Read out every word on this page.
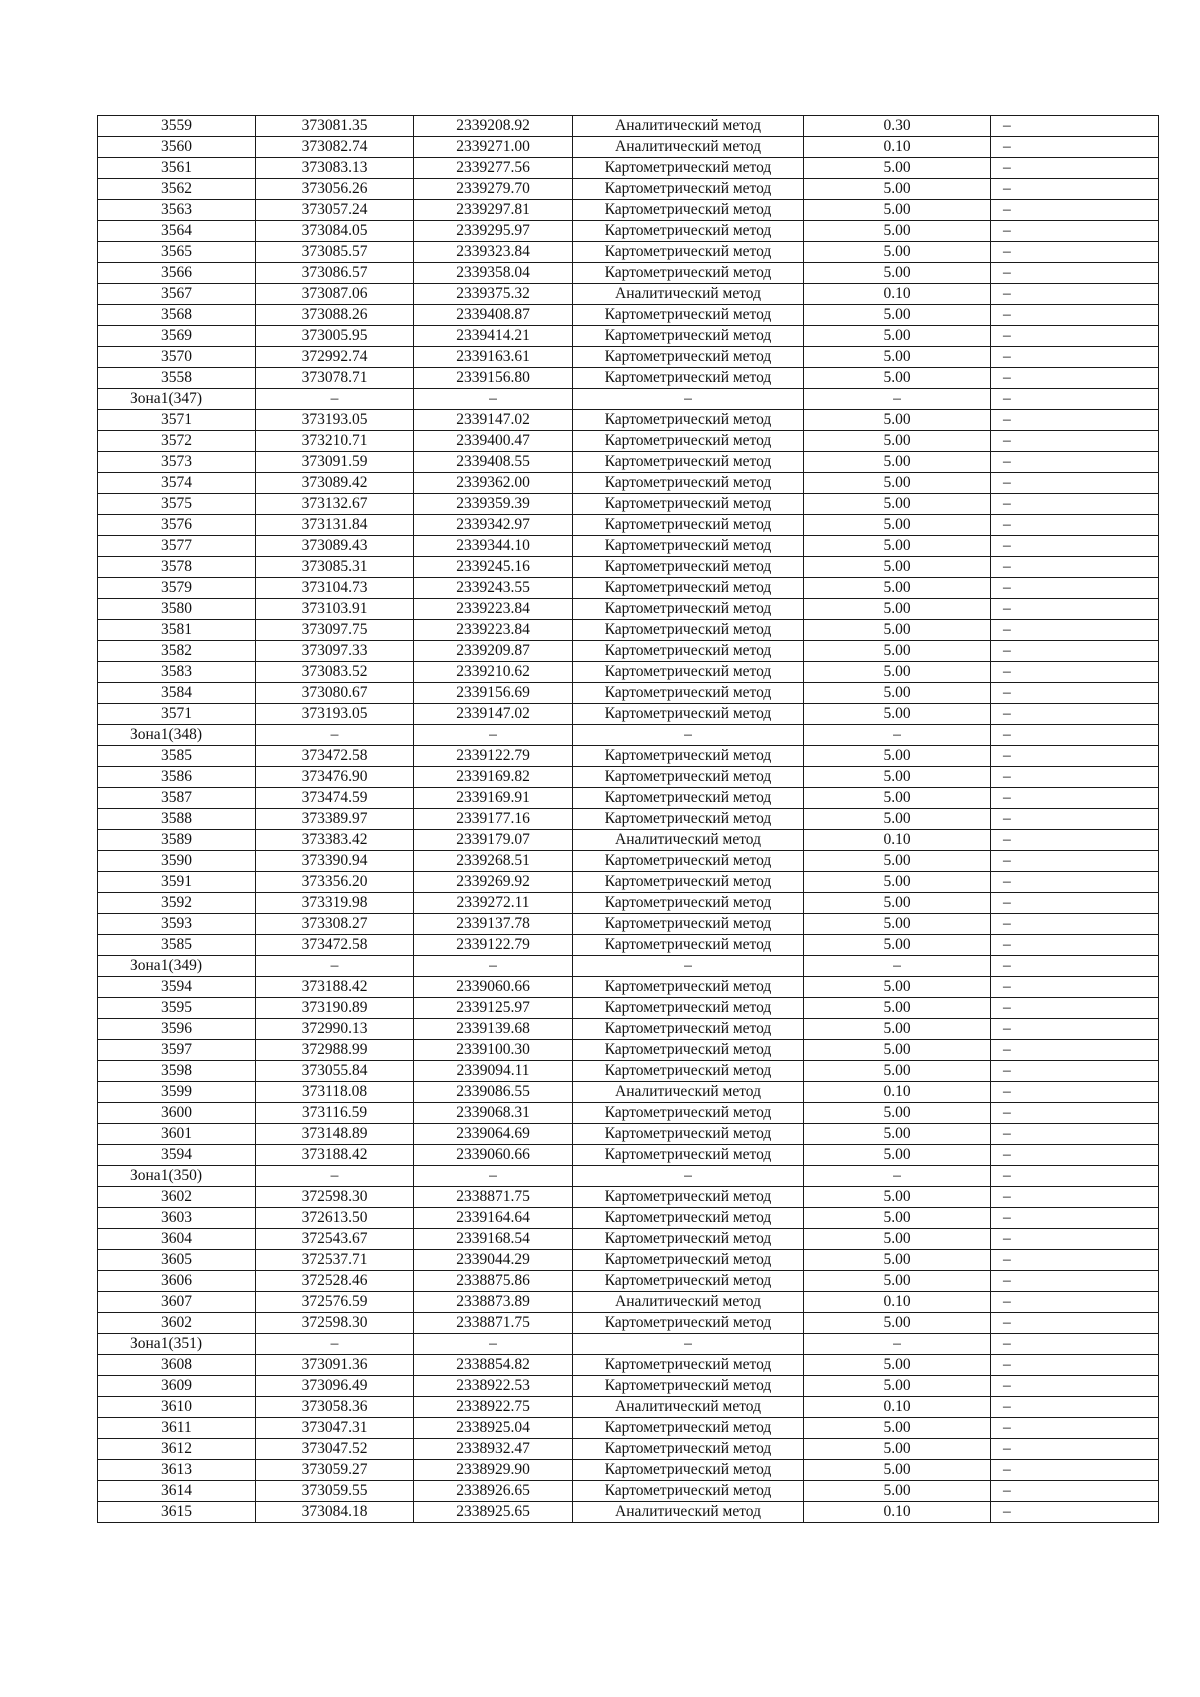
3559	373081.35	2339208.92	Аналитический метод	0.30	–
3560	373082.74	2339271.00	Аналитический метод	0.10	–
3561	373083.13	2339277.56	Картометрический метод	5.00	–
3562	373056.26	2339279.70	Картометрический метод	5.00	–
3563	373057.24	2339297.81	Картометрический метод	5.00	–
3564	373084.05	2339295.97	Картометрический метод	5.00	–
3565	373085.57	2339323.84	Картометрический метод	5.00	–
3566	373086.57	2339358.04	Картометрический метод	5.00	–
3567	373087.06	2339375.32	Аналитический метод	0.10	–
3568	373088.26	2339408.87	Картометрический метод	5.00	–
3569	373005.95	2339414.21	Картометрический метод	5.00	–
3570	372992.74	2339163.61	Картометрический метод	5.00	–
3558	373078.71	2339156.80	Картометрический метод	5.00	–
Зона1(347)	–	–	–	–	–
3571	373193.05	2339147.02	Картометрический метод	5.00	–
3572	373210.71	2339400.47	Картометрический метод	5.00	–
3573	373091.59	2339408.55	Картометрический метод	5.00	–
3574	373089.42	2339362.00	Картометрический метод	5.00	–
3575	373132.67	2339359.39	Картометрический метод	5.00	–
3576	373131.84	2339342.97	Картометрический метод	5.00	–
3577	373089.43	2339344.10	Картометрический метод	5.00	–
3578	373085.31	2339245.16	Картометрический метод	5.00	–
3579	373104.73	2339243.55	Картометрический метод	5.00	–
3580	373103.91	2339223.84	Картометрический метод	5.00	–
3581	373097.75	2339223.84	Картометрический метод	5.00	–
3582	373097.33	2339209.87	Картометрический метод	5.00	–
3583	373083.52	2339210.62	Картометрический метод	5.00	–
3584	373080.67	2339156.69	Картометрический метод	5.00	–
3571	373193.05	2339147.02	Картометрический метод	5.00	–
Зона1(348)	–	–	–	–	–
3585	373472.58	2339122.79	Картометрический метод	5.00	–
3586	373476.90	2339169.82	Картометрический метод	5.00	–
3587	373474.59	2339169.91	Картометрический метод	5.00	–
3588	373389.97	2339177.16	Картометрический метод	5.00	–
3589	373383.42	2339179.07	Аналитический метод	0.10	–
3590	373390.94	2339268.51	Картометрический метод	5.00	–
3591	373356.20	2339269.92	Картометрический метод	5.00	–
3592	373319.98	2339272.11	Картометрический метод	5.00	–
3593	373308.27	2339137.78	Картометрический метод	5.00	–
3585	373472.58	2339122.79	Картометрический метод	5.00	–
Зона1(349)	–	–	–	–	–
3594	373188.42	2339060.66	Картометрический метод	5.00	–
3595	373190.89	2339125.97	Картометрический метод	5.00	–
3596	372990.13	2339139.68	Картометрический метод	5.00	–
3597	372988.99	2339100.30	Картометрический метод	5.00	–
3598	373055.84	2339094.11	Картометрический метод	5.00	–
3599	373118.08	2339086.55	Аналитический метод	0.10	–
3600	373116.59	2339068.31	Картометрический метод	5.00	–
3601	373148.89	2339064.69	Картометрический метод	5.00	–
3594	373188.42	2339060.66	Картометрический метод	5.00	–
Зона1(350)	–	–	–	–	–
3602	372598.30	2338871.75	Картометрический метод	5.00	–
3603	372613.50	2339164.64	Картометрический метод	5.00	–
3604	372543.67	2339168.54	Картометрический метод	5.00	–
3605	372537.71	2339044.29	Картометрический метод	5.00	–
3606	372528.46	2338875.86	Картометрический метод	5.00	–
3607	372576.59	2338873.89	Аналитический метод	0.10	–
3602	372598.30	2338871.75	Картометрический метод	5.00	–
Зона1(351)	–	–	–	–	–
3608	373091.36	2338854.82	Картометрический метод	5.00	–
3609	373096.49	2338922.53	Картометрический метод	5.00	–
3610	373058.36	2338922.75	Аналитический метод	0.10	–
3611	373047.31	2338925.04	Картометрический метод	5.00	–
3612	373047.52	2338932.47	Картометрический метод	5.00	–
3613	373059.27	2338929.90	Картометрический метод	5.00	–
3614	373059.55	2338926.65	Картометрический метод	5.00	–
3615	373084.18	2338925.65	Аналитический метод	0.10	–
